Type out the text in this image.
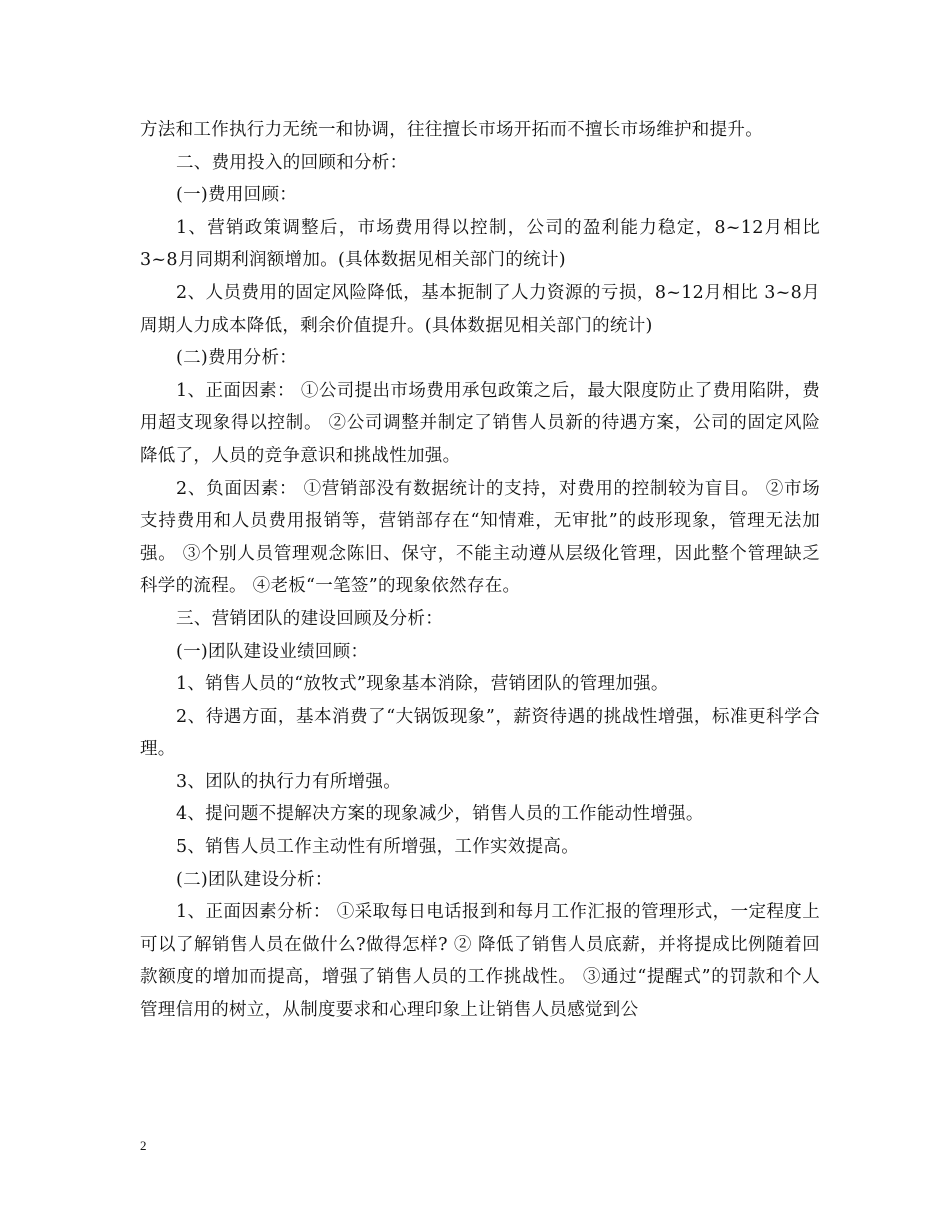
方法和工作执行力无统一和协调，往往擅长市场开拓而不擅长市场维护和提升。

二、费用投入的回顾和分析：

(一)费用回顾：

1、营销政策调整后，市场费用得以控制，公司的盈利能力稳定，8~12月相比3~8月同期利润额增加。(具体数据见相关部门的统计)

2、人员费用的固定风险降低，基本扼制了人力资源的亏损，8~12月相比 3~8月周期人力成本降低，剩余价值提升。(具体数据见相关部门的统计)

(二)费用分析：

1、正面因素： ①公司提出市场费用承包政策之后，最大限度防止了费用陷阱，费用超支现象得以控制。 ②公司调整并制定了销售人员新的待遇方案，公司的固定风险降低了，人员的竞争意识和挑战性加强。

2、负面因素： ①营销部没有数据统计的支持，对费用的控制较为盲目。 ②市场支持费用和人员费用报销等，营销部存在“知情难，无审批”的歧形现象，管理无法加强。 ③个别人员管理观念陈旧、保守，不能主动遵从层级化管理，因此整个管理缺乏科学的流程。 ④老板“一笔签”的现象依然存在。

三、营销团队的建设回顾及分析：

(一)团队建设业绩回顾：

1、销售人员的“放牧式”现象基本消除，营销团队的管理加强。

2、待遇方面，基本消费了“大锅饭现象”，薪资待遇的挑战性增强，标准更科学合理。

3、团队的执行力有所增强。

4、提问题不提解决方案的现象减少，销售人员的工作能动性增强。

5、销售人员工作主动性有所增强，工作实效提高。

(二)团队建设分析：

1、正面因素分析： ①采取每日电话报到和每月工作汇报的管理形式，一定程度上可以了解销售人员在做什么?做得怎样? ② 降低了销售人员底薪，并将提成比例随着回款额度的增加而提高，增强了销售人员的工作挑战性。 ③通过“提醒式”的罚款和个人管理信用的树立，从制度要求和心理印象上让销售人员感觉到公

2
